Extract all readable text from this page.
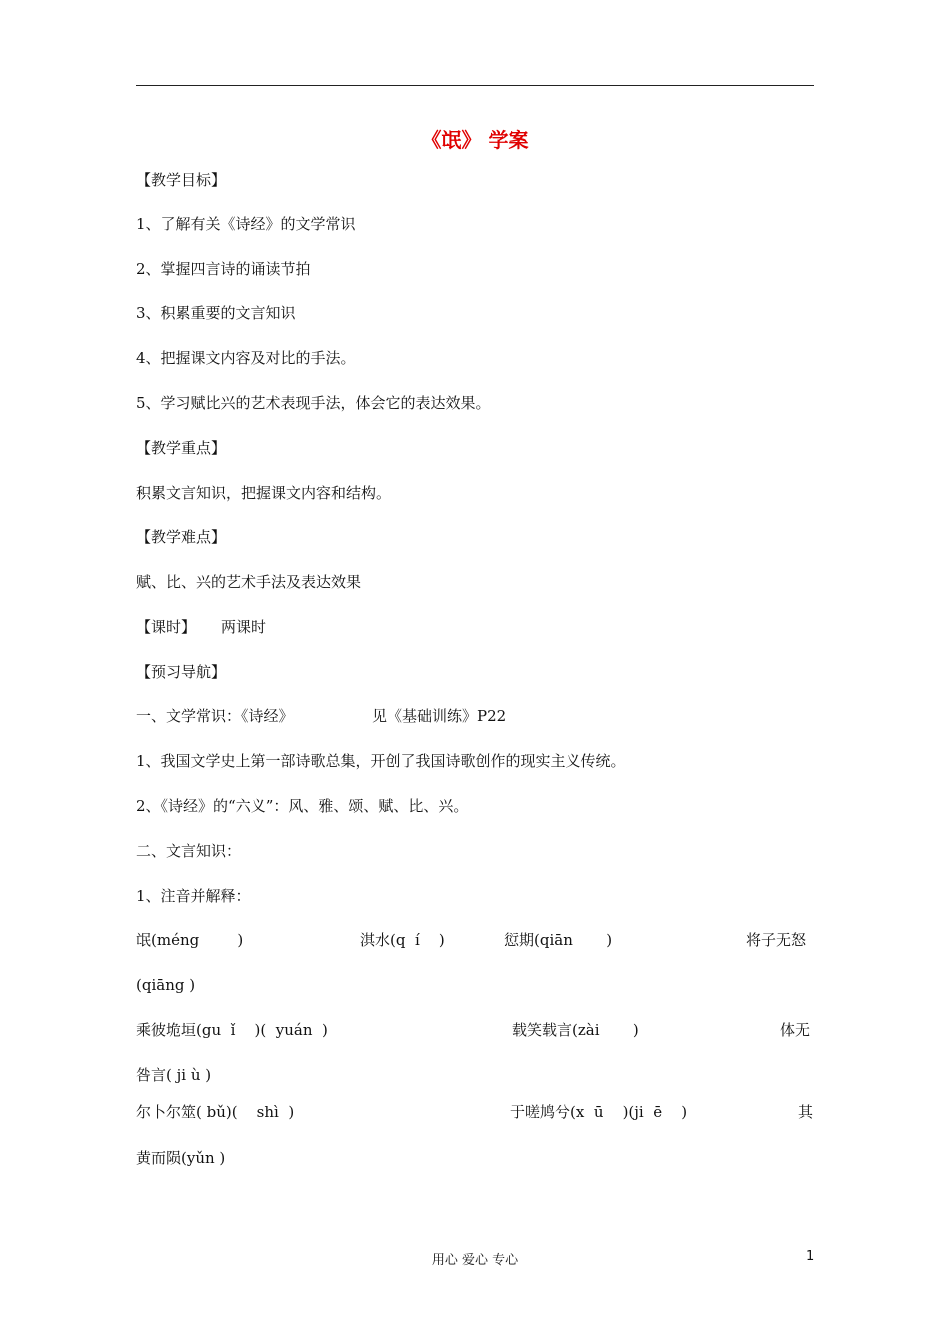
《氓》 学案
【教学目标】
1、了解有关《诗经》的文学常识
2、掌握四言诗的诵读节拍
3、积累重要的文言知识
4、把握课文内容及对比的手法。
5、学习赋比兴的艺术表现手法，体会它的表达效果。
【教学重点】
积累文言知识，把握课文内容和结构。
【教学难点】
赋、比、兴的艺术手法及表达效果
【课时】 两课时
【预习导航】
一、文学常识：《诗经》	见《基础训练》P22
1、我国文学史上第一部诗歌总集，开创了我国诗歌创作的现实主义传统。
2、《诗经》的“六义”：风、雅、颂、赋、比、兴。
二、文言知识：
1、注音并解释：
氓(méng        )	淇水(q  í    )	愆期(qiān       )	将子无怒
(qiāng )
乘彼垝垣(gu  ǐ    )(  yuán  )	载笑载言(zài       )	体无
咎言( ji ù )
尔卜尔筮( bǔ)(    shì  )	于嗟鸠兮(x  ū    )(ji  ē    )	其
黄而陨(yǔn )
用心 爱心 专心	1
